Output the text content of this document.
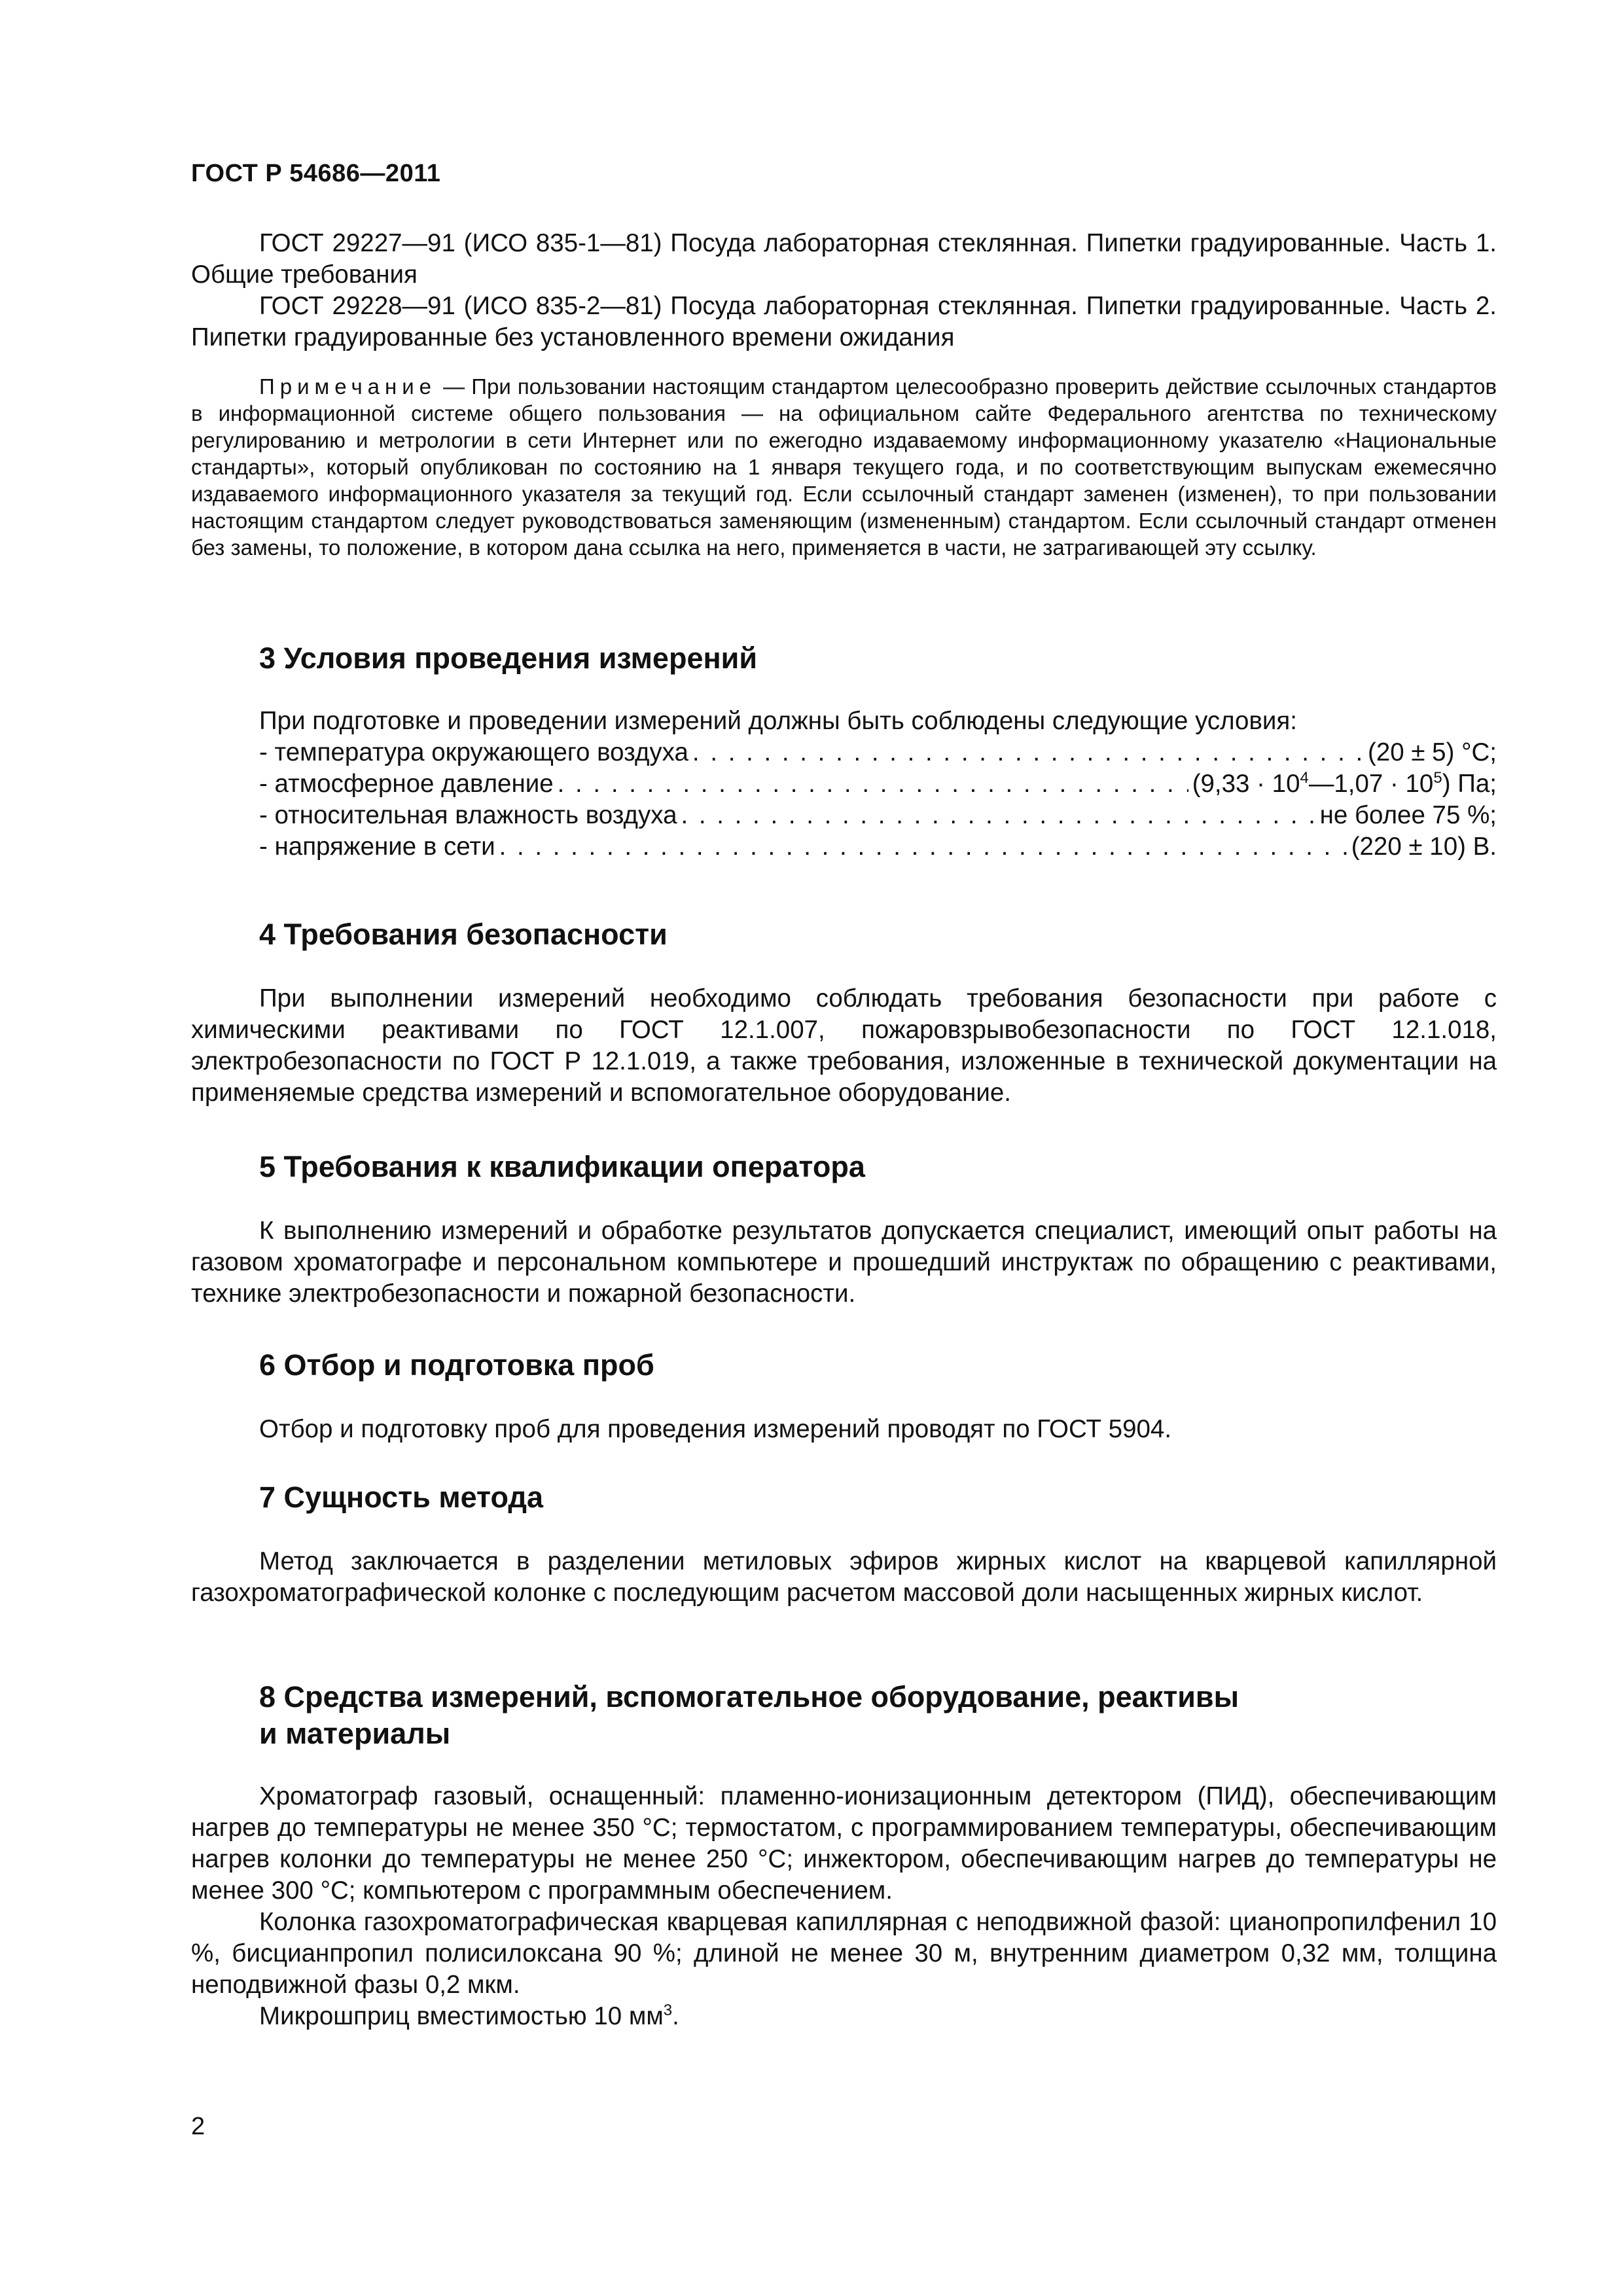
ГОСТ Р 54686—2011

ГОСТ 29227—91 (ИСО 835-1—81) Посуда лабораторная стеклянная. Пипетки градуированные. Часть 1. Общие требования

ГОСТ 29228—91 (ИСО 835-2—81) Посуда лабораторная стеклянная. Пипетки градуированные. Часть 2. Пипетки градуированные без установленного времени ожидания

Примечание — При пользовании настоящим стандартом целесообразно проверить действие ссылочных стандартов в информационной системе общего пользования — на официальном сайте Федерального агентства по техническому регулированию и метрологии в сети Интернет или по ежегодно издаваемому информационному указателю «Национальные стандарты», который опубликован по состоянию на 1 января текущего года, и по соответствующим выпускам ежемесячно издаваемого информационного указателя за текущий год. Если ссылочный стандарт заменен (изменен), то при пользовании настоящим стандартом следует руководствоваться заменяющим (измененным) стандартом. Если ссылочный стандарт отменен без замены, то положение, в котором дана ссылка на него, применяется в части, не затрагивающей эту ссылку.

3 Условия проведения измерений

При подготовке и проведении измерений должны быть соблюдены следующие условия:

- температура окружающего воздуха . . .	(20 ± 5) °С;
- атмосферное давление . . .	$(9,33 \cdot 10^4—1,07 \cdot 10^5)$ Па;
- относительная влажность воздуха . . .	не более 75 %;
- напряжение в сети . . .	(220 ± 10) В.
4 Требования безопасности

При выполнении измерений необходимо соблюдать требования безопасности при работе с химическими реактивами по ГОСТ 12.1.007, пожаровзрывобезопасности по ГОСТ 12.1.018, электробезопасности по ГОСТ Р 12.1.019, а также требования, изложенные в технической документации на применяемые средства измерений и вспомогательное оборудование.

5 Требования к квалификации оператора

К выполнению измерений и обработке результатов допускается специалист, имеющий опыт работы на газовом хроматографе и персональном компьютере и прошедший инструктаж по обращению с реактивами, технике электробезопасности и пожарной безопасности.

6 Отбор и подготовка проб

Отбор и подготовку проб для проведения измерений проводят по ГОСТ 5904.

7 Сущность метода

Метод заключается в разделении метиловых эфиров жирных кислот на кварцевой капиллярной газохроматографической колонке с последующим расчетом массовой доли насыщенных жирных кислот.

8 Средства измерений, вспомогательное оборудование, реактивы
и материалы

Хроматограф газовый, оснащенный: пламенно-ионизационным детектором (ПИД), обеспечивающим нагрев до температуры не менее 350 °С; термостатом, с программированием температуры, обеспечивающим нагрев колонки до температуры не менее 250 °С; инжектором, обеспечивающим нагрев до температуры не менее 300 °С; компьютером с программным обеспечением.

Колонка газохроматографическая кварцевая капиллярная с неподвижной фазой: цианопропилфенил 10 %, бисцианпропил полисилоксана 90 %; длиной не менее 30 м, внутренним диаметром 0,32 мм, толщина неподвижной фазы 0,2 мкм.

Микрошприц вместимостью 10 $мм^3$.

2
